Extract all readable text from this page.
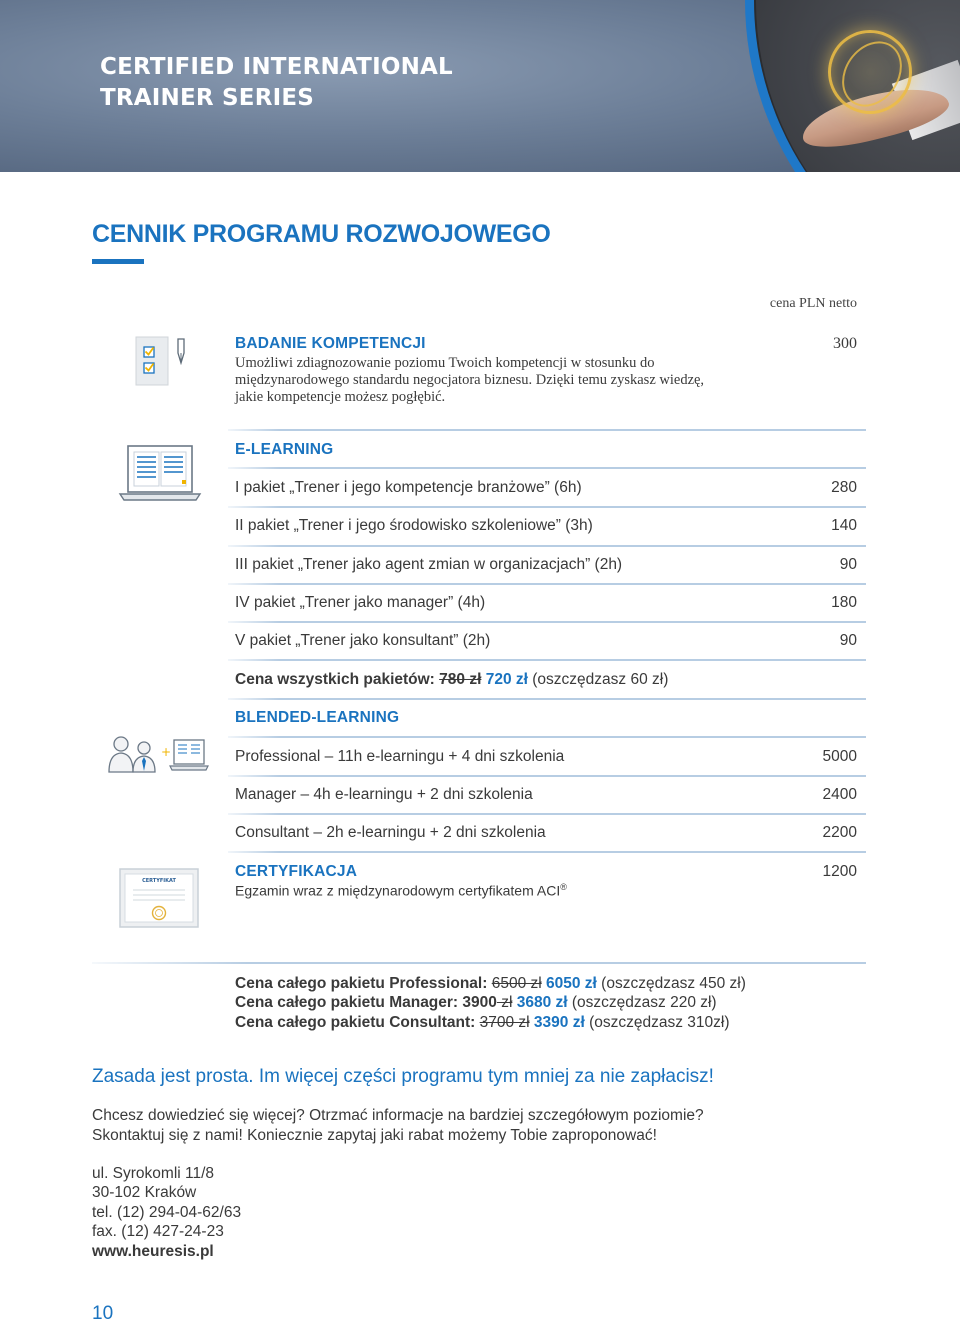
CERTIFIED INTERNATIONAL
TRAINER SERIES
CENNIK PROGRAMU ROZWOJOWEGO
cena PLN netto
BADANIE KOMPETENCJI
Umożliwi zdiagnozowanie poziomu Twoich kompetencji w stosunku do
międzynarodowego standardu negocjatora biznesu. Dzięki temu zyskasz wiedzę,
jakie kompetencje możesz pogłębić.
300
E-LEARNING
I pakiet „Trener i jego kompetencje branżowe” (6h)	280
II pakiet „Trener i jego środowisko szkoleniowe” (3h)	140
III pakiet „Trener jako agent zmian w organizacjach” (2h)	90
IV pakiet „Trener jako manager” (4h)	180
V pakiet „Trener jako konsultant” (2h)	90
Cena wszystkich pakietów: 780 zł 720 zł (oszczędzasz 60 zł)
+
BLENDED-LEARNING
Professional – 11h e-learningu + 4 dni szkolenia	5000
Manager – 4h e-learningu + 2 dni szkolenia	2400
Consultant – 2h e-learningu + 2 dni szkolenia	2200
CERTYFIKAT
CERTYFIKACJA
Egzamin wraz z międzynarodowym certyfikatem ACI®
1200
Cena całego pakietu Professional: 6500 zł 6050 zł (oszczędzasz 450 zł)
Cena całego pakietu Manager: 3900 zł 3680 zł (oszczędzasz 220 zł)
Cena całego pakietu Consultant: 3700 zł 3390 zł (oszczędzasz 310zł)
Zasada jest prosta. Im więcej części programu tym mniej za nie zapłacisz!
Chcesz dowiedzieć się więcej? Otrzmać informacje na bardziej szczegółowym poziomie?
Skontaktuj się z nami! Koniecznie zapytaj jaki rabat możemy Tobie zaproponować!
ul. Syrokomli 11/8
30-102 Kraków
tel. (12) 294-04-62/63
fax. (12) 427-24-23
www.heuresis.pl
10
